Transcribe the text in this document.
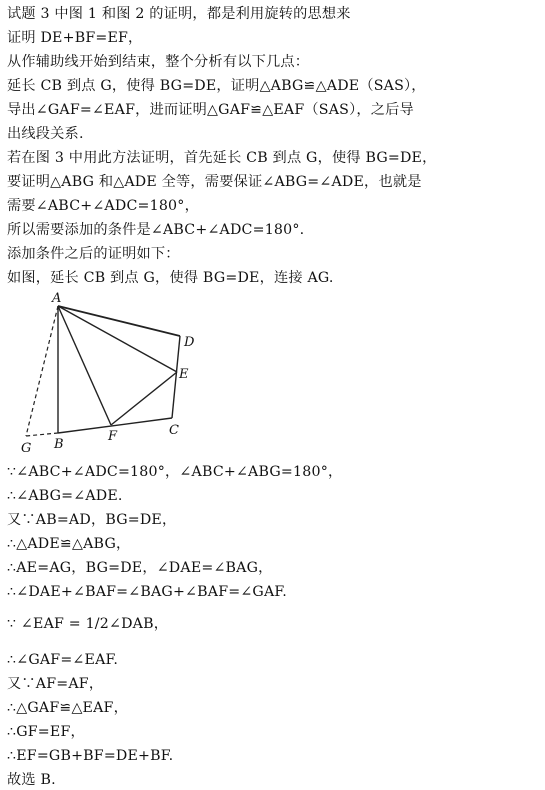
试题 3 中图 1 和图 2 的证明，都是利用旋转的思想来
证明 DE+BF=EF，
从作辅助线开始到结束，整个分析有以下几点：
延长 CB 到点 G，使得 BG=DE，证明△ABG≌△ADE（SAS），
导出∠GAF=∠EAF，进而证明△GAF≌△EAF（SAS），之后导
出线段关系.
若在图 3 中用此方法证明，首先延长 CB 到点 G，使得 BG=DE，
要证明△ABG 和△ADE 全等，需要保证∠ABG=∠ADE，也就是
需要∠ABC+∠ADC=180°，
所以需要添加的条件是∠ABC+∠ADC=180°.
添加条件之后的证明如下：
如图，延长 CB 到点 G，使得 BG=DE，连接 AG.
A
D
E
C
F
B
G
∵∠ABC+∠ADC=180°，∠ABC+∠ABG=180°，
∴∠ABG=∠ADE.
又∵AB=AD，BG=DE，
∴△ADE≌△ABG，
∴AE=AG，BG=DE，∠DAE=∠BAG，
∴∠DAE+∠BAF=∠BAG+∠BAF=∠GAF.
∵ ∠EAF = 1/2∠DAB，
∴∠GAF=∠EAF.
又∵AF=AF，
∴△GAF≌△EAF，
∴GF=EF，
∴EF=GB+BF=DE+BF.
故选 B.
